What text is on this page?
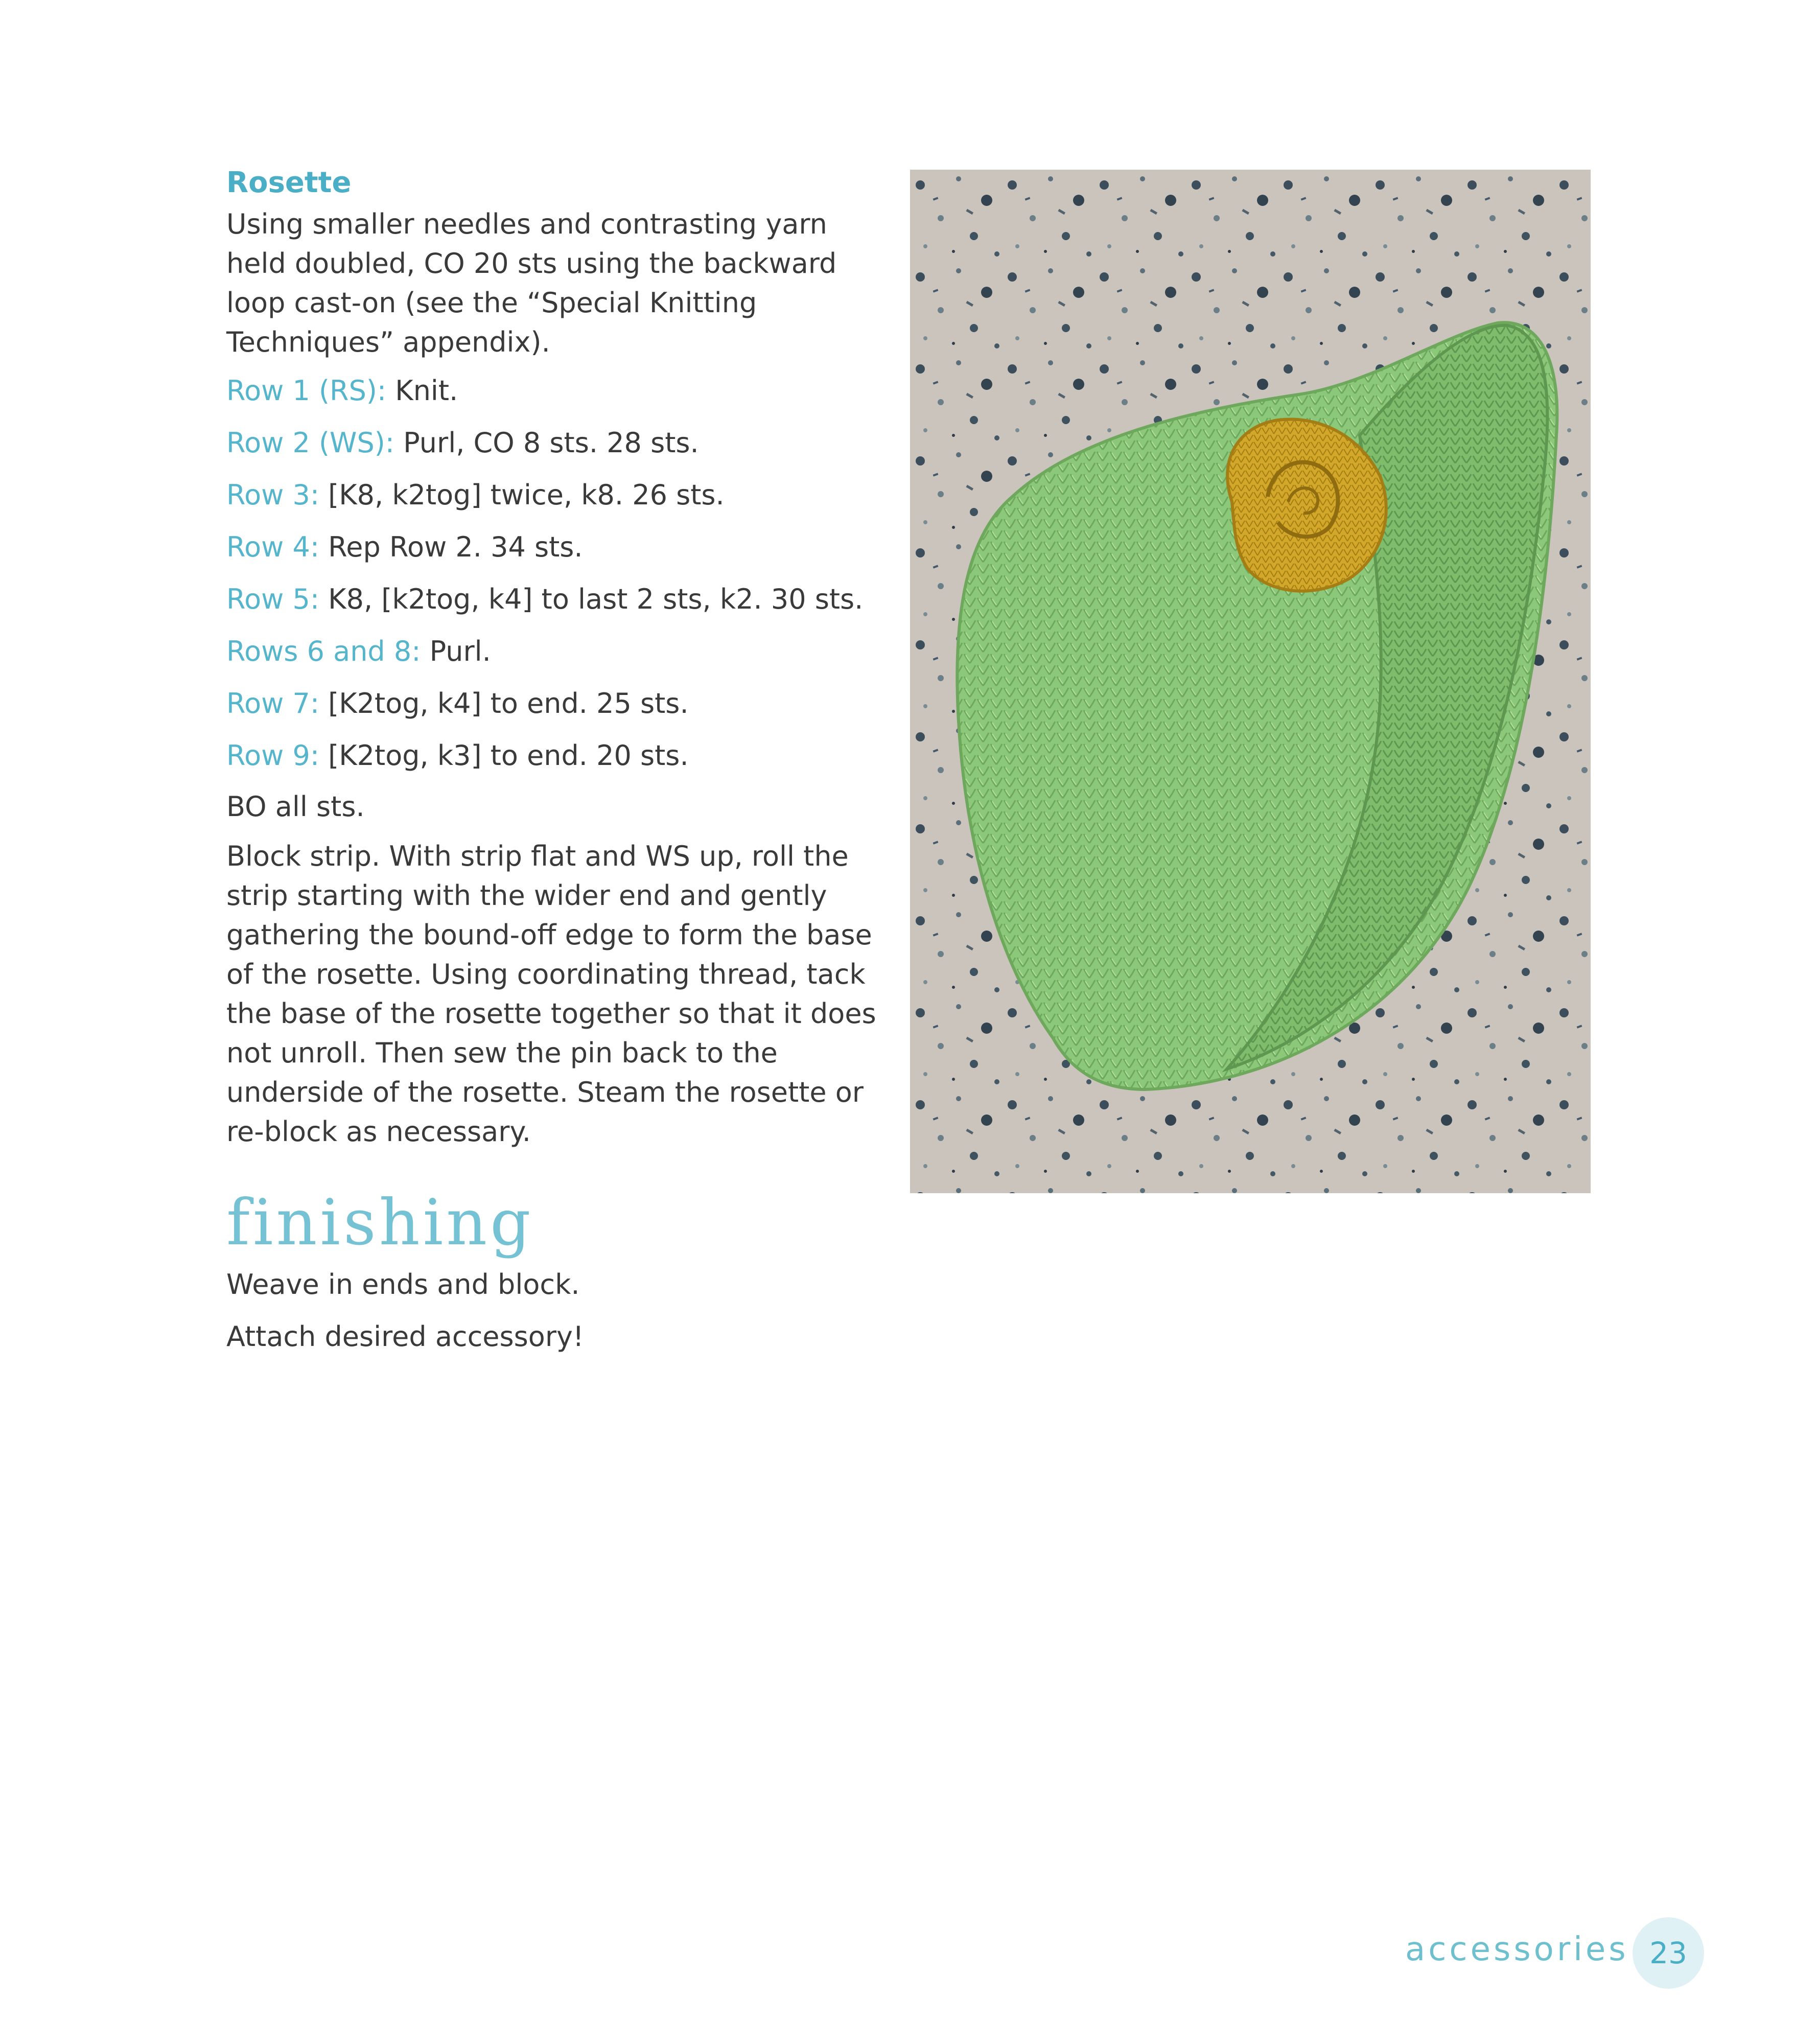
Rosette

Using smaller needles and contrasting yarn held doubled, CO 20 sts using the backward loop cast-on (see the “Special Knitting Techniques” appendix).

Row 1 (RS): Knit.

Row 2 (WS): Purl, CO 8 sts. 28 sts.

Row 3: [K8, k2tog] twice, k8. 26 sts.

Row 4: Rep Row 2. 34 sts.

Row 5: K8, [k2tog, k4] to last 2 sts, k2. 30 sts.

Rows 6 and 8: Purl.

Row 7: [K2tog, k4] to end. 25 sts.

Row 9: [K2tog, k3] to end. 20 sts.

BO all sts.

Block strip. With strip flat and WS up, roll the strip starting with the wider end and gently gathering the bound-off edge to form the base of the rosette. Using coordinating thread, tack the base of the rosette together so that it does not unroll. Then sew the pin back to the underside of the rosette. Steam the rosette or re-block as necessary.

finishing

Weave in ends and block.

Attach desired accessory!

accessories 23
